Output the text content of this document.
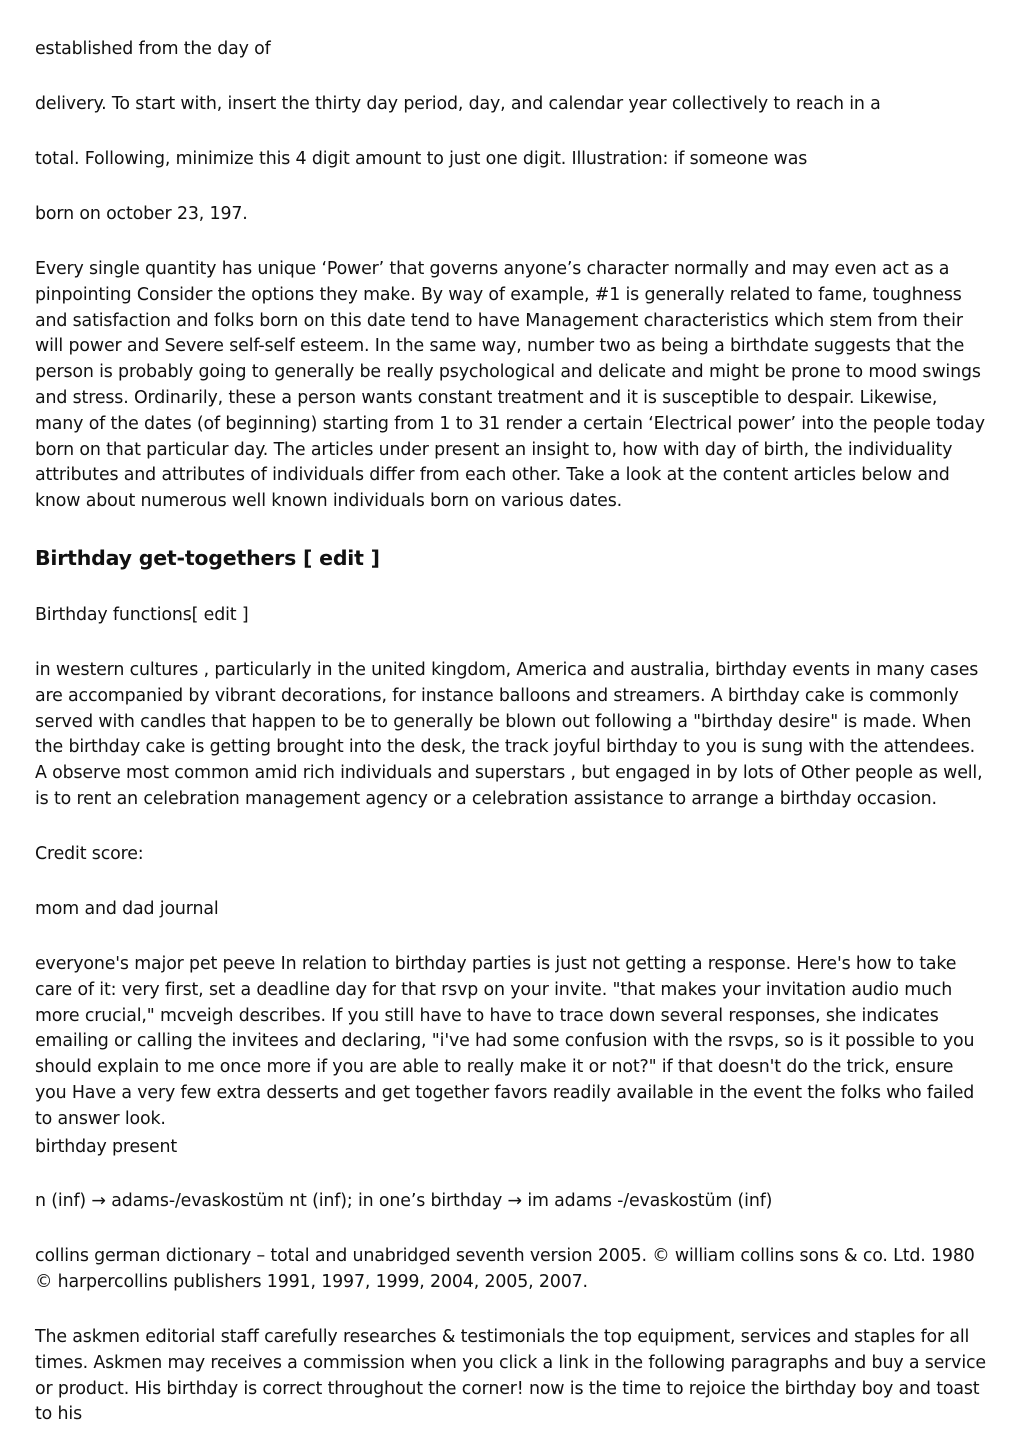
established from the day of

delivery. To start with, insert the thirty day period, day, and calendar year collectively to reach in a

total. Following, minimize this 4 digit amount to just one digit. Illustration: if someone was

born on october 23, 197.

Every single quantity has unique ‘Power’ that governs anyone’s character normally and may even act as a pinpointing Consider the options they make. By way of example, #1 is generally related to fame, toughness and satisfaction and folks born on this date tend to have Management characteristics which stem from their will power and Severe self-self esteem. In the same way, number two as being a birthdate suggests that the person is probably going to generally be really psychological and delicate and might be prone to mood swings and stress. Ordinarily, these a person wants constant treatment and it is susceptible to despair. Likewise, many of the dates (of beginning) starting from 1 to 31 render a certain ‘Electrical power’ into the people today born on that particular day. The articles under present an insight to, how with day of birth, the individuality attributes and attributes of individuals differ from each other. Take a look at the content articles below and know about numerous well known individuals born on various dates.

Birthday get-togethers [ edit ]

Birthday functions[ edit ]

in western cultures , particularly in the united kingdom, America and australia, birthday events in many cases are accompanied by vibrant decorations, for instance balloons and streamers. A birthday cake is commonly served with candles that happen to be to generally be blown out following a "birthday desire" is made. When the birthday cake is getting brought into the desk, the track joyful birthday to you is sung with the attendees. A observe most common amid rich individuals and superstars , but engaged in by lots of Other people as well, is to rent an celebration management agency or a celebration assistance to arrange a birthday occasion.

Credit score:

mom and dad journal

everyone's major pet peeve In relation to birthday parties is just not getting a response. Here's how to take care of it: very first, set a deadline day for that rsvp on your invite. "that makes your invitation audio much more crucial," mcveigh describes. If you still have to have to trace down several responses, she indicates emailing or calling the invitees and declaring, "i've had some confusion with the rsvps, so is it possible to you should explain to me once more if you are able to really make it or not?" if that doesn't do the trick, ensure you Have a very few extra desserts and get together favors readily available in the event the folks who failed to answer look.

birthday present

n (inf) → adams-/evaskostüm nt (inf); in one’s birthday → im adams -/evaskostüm (inf)

collins german dictionary – total and unabridged seventh version 2005. © william collins sons & co. Ltd. 1980 © harpercollins publishers 1991, 1997, 1999, 2004, 2005, 2007.

The askmen editorial staff carefully researches & testimonials the top equipment, services and staples for all times. Askmen may receives a commission when you click a link in the following paragraphs and buy a service or product. His birthday is correct throughout the corner! now is the time to rejoice the birthday boy and toast to his
